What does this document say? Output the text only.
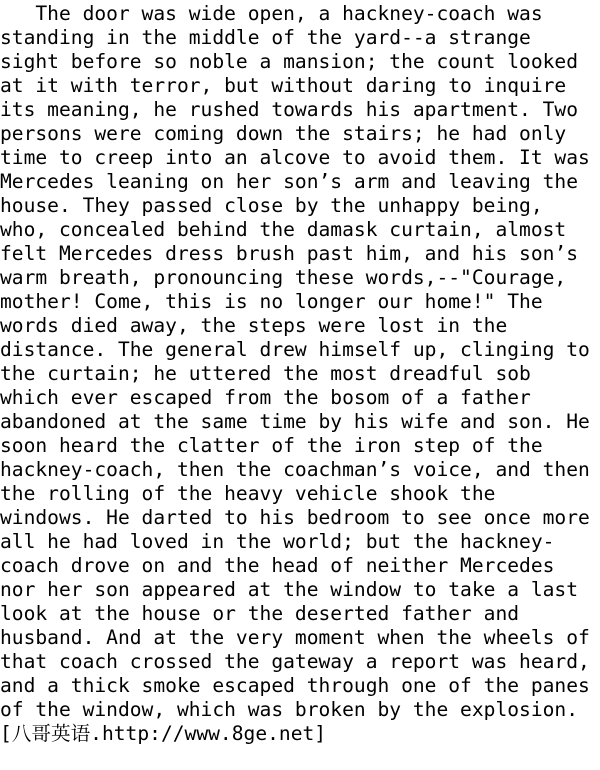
The door was wide open, a hackney-coach was
standing in the middle of the yard--a strange
sight before so noble a mansion; the count looked
at it with terror, but without daring to inquire
its meaning, he rushed towards his apartment. Two
persons were coming down the stairs; he had only
time to creep into an alcove to avoid them. It was
Mercedes leaning on her son’s arm and leaving the
house. They passed close by the unhappy being,
who, concealed behind the damask curtain, almost
felt Mercedes dress brush past him, and his son’s
warm breath, pronouncing these words,--"Courage,
mother! Come, this is no longer our home!" The
words died away, the steps were lost in the
distance. The general drew himself up, clinging to
the curtain; he uttered the most dreadful sob
which ever escaped from the bosom of a father
abandoned at the same time by his wife and son. He
soon heard the clatter of the iron step of the
hackney-coach, then the coachman’s voice, and then
the rolling of the heavy vehicle shook the
windows. He darted to his bedroom to see once more
all he had loved in the world; but the hackney-
coach drove on and the head of neither Mercedes
nor her son appeared at the window to take a last
look at the house or the deserted father and
husband. And at the very moment when the wheels of
that coach crossed the gateway a report was heard,
and a thick smoke escaped through one of the panes
of the window, which was broken by the explosion.
[八哥英语.http://www.8ge.net]
